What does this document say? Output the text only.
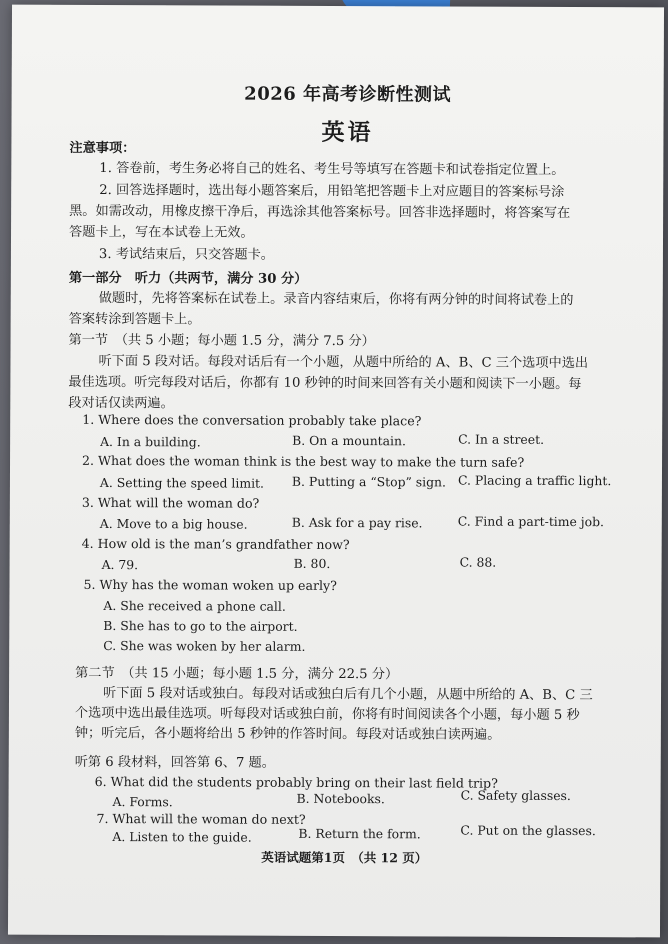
2026 年高考诊断性测试
英语
注意事项：
1. 答卷前，考生务必将自己的姓名、考生号等填写在答题卡和试卷指定位置上。
2. 回答选择题时，选出每小题答案后，用铅笔把答题卡上对应题目的答案标号涂
黑。如需改动，用橡皮擦干净后，再选涂其他答案标号。回答非选择题时，将答案写在
答题卡上，写在本试卷上无效。
3. 考试结束后，只交答题卡。
第一部分　听力（共两节，满分 30 分）
做题时，先将答案标在试卷上。录音内容结束后，你将有两分钟的时间将试卷上的
答案转涂到答题卡上。
第一节　（共 5 小题；每小题 1.5 分，满分 7.5 分）
听下面 5 段对话。每段对话后有一个小题，从题中所给的 A、B、C 三个选项中选出
最佳选项。听完每段对话后，你都有 10 秒钟的时间来回答有关小题和阅读下一小题。每
段对话仅读两遍。
1. Where does the conversation probably take place?
A. In a building.	B. On a mountain.	C. In a street.
2. What does the woman think is the best way to make the turn safe?
A. Setting the speed limit. B. Putting a “Stop” sign. C. Placing a traffic light.
3. What will the woman do?
A. Move to a big house.	B. Ask for a pay rise.	C. Find a part-time job.
4. How old is the man’s grandfather now?
A. 79.	B. 80.	C. 88.
5. Why has the woman woken up early?
A. She received a phone call.
B. She has to go to the airport.
C. She was woken by her alarm.
第二节　（共 15 小题；每小题 1.5 分，满分 22.5 分）
听下面 5 段对话或独白。每段对话或独白后有几个小题，从题中所给的 A、B、C 三
个选项中选出最佳选项。听每段对话或独白前，你将有时间阅读各个小题，每小题 5 秒
钟；听完后，各小题将给出 5 秒钟的作答时间。每段对话或独白读两遍。
听第 6 段材料，回答第 6、7 题。
6. What did the students probably bring on their last field trip?
A. Forms.	B. Notebooks.	C. Safety glasses.
7. What will the woman do next?
A. Listen to the guide.	B. Return the form.	C. Put on the glasses.
英语试题第1页　（共 12 页）
